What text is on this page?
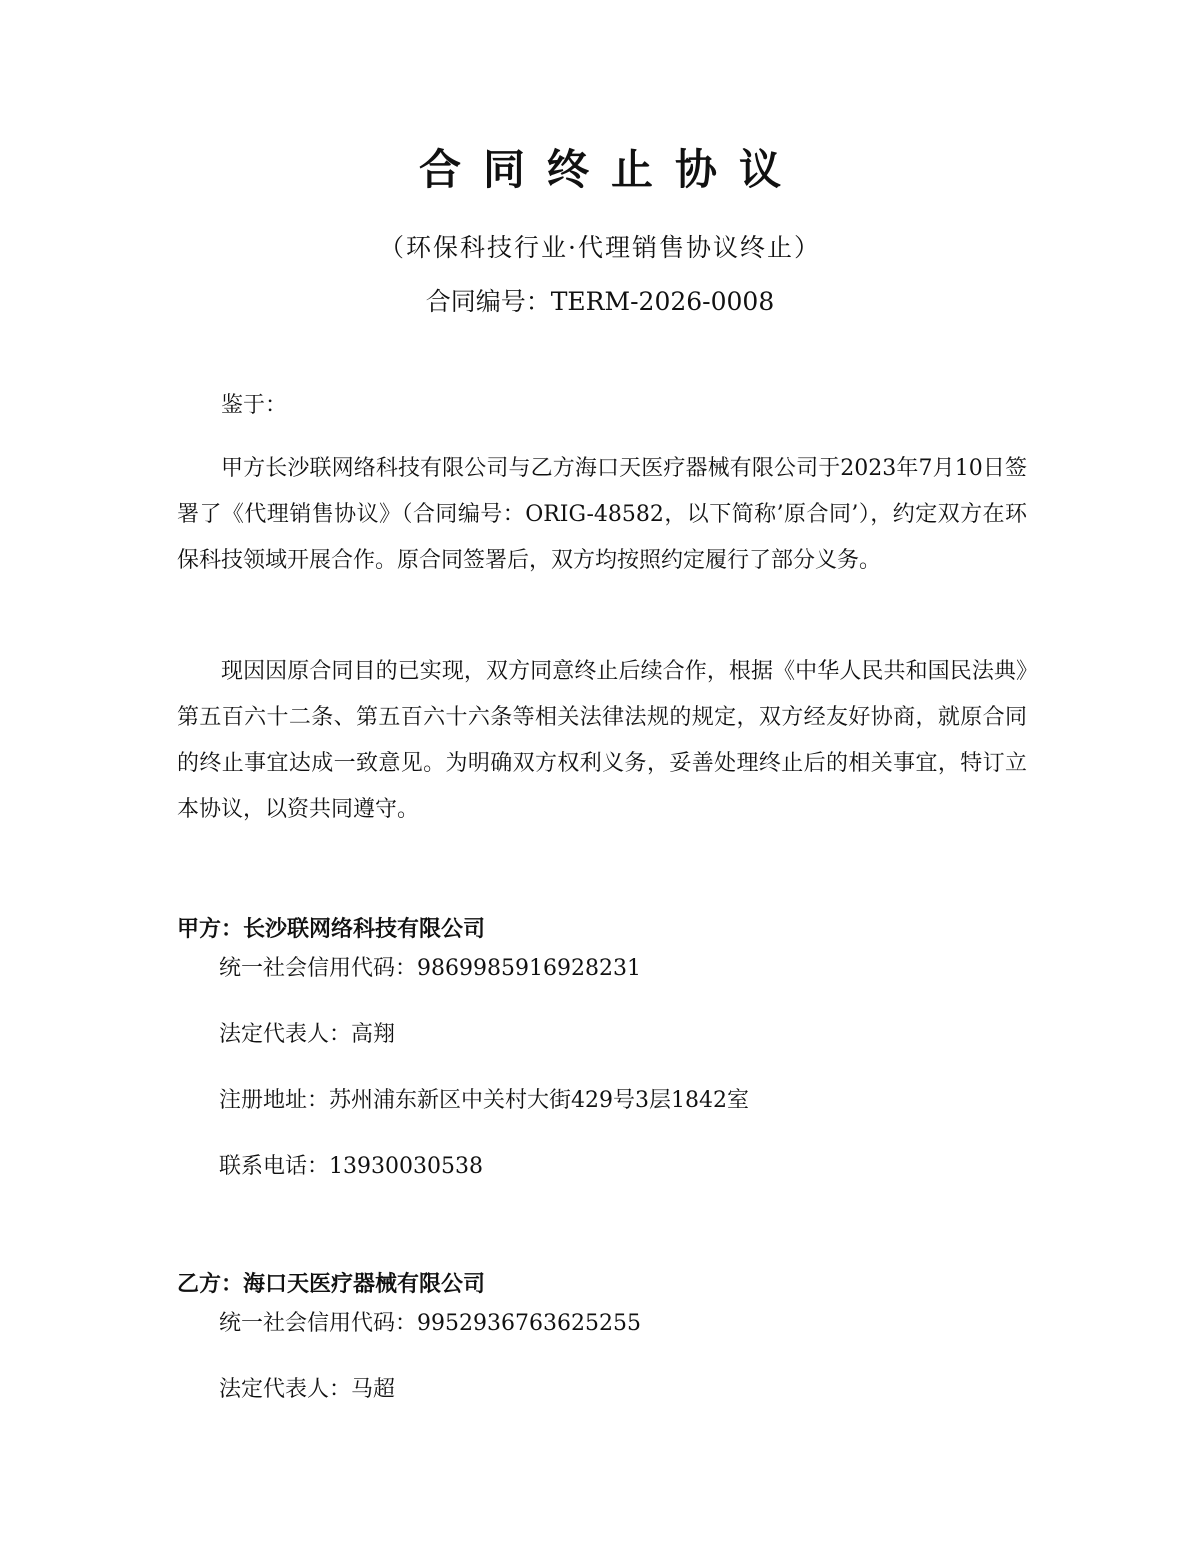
合同终止协议
（环保科技行业·代理销售协议终止）
合同编号：TERM-2026-0008
鉴于：
甲方长沙联网络科技有限公司与乙方海口天医疗器械有限公司于2023年7月10日签署了《代理销售协议》（合同编号：ORIG-48582，以下简称’原合同’），约定双方在环保科技领域开展合作。原合同签署后，双方均按照约定履行了部分义务。
现因因原合同目的已实现，双方同意终止后续合作，根据《中华人民共和国民法典》第五百六十二条、第五百六十六条等相关法律法规的规定，双方经友好协商，就原合同的终止事宜达成一致意见。为明确双方权利义务，妥善处理终止后的相关事宜，特订立本协议，以资共同遵守。
甲方：长沙联网络科技有限公司
统一社会信用代码：9869985916928231
法定代表人：高翔
注册地址：苏州浦东新区中关村大街429号3层1842室
联系电话：13930030538
乙方：海口天医疗器械有限公司
统一社会信用代码：9952936763625255
法定代表人：马超
